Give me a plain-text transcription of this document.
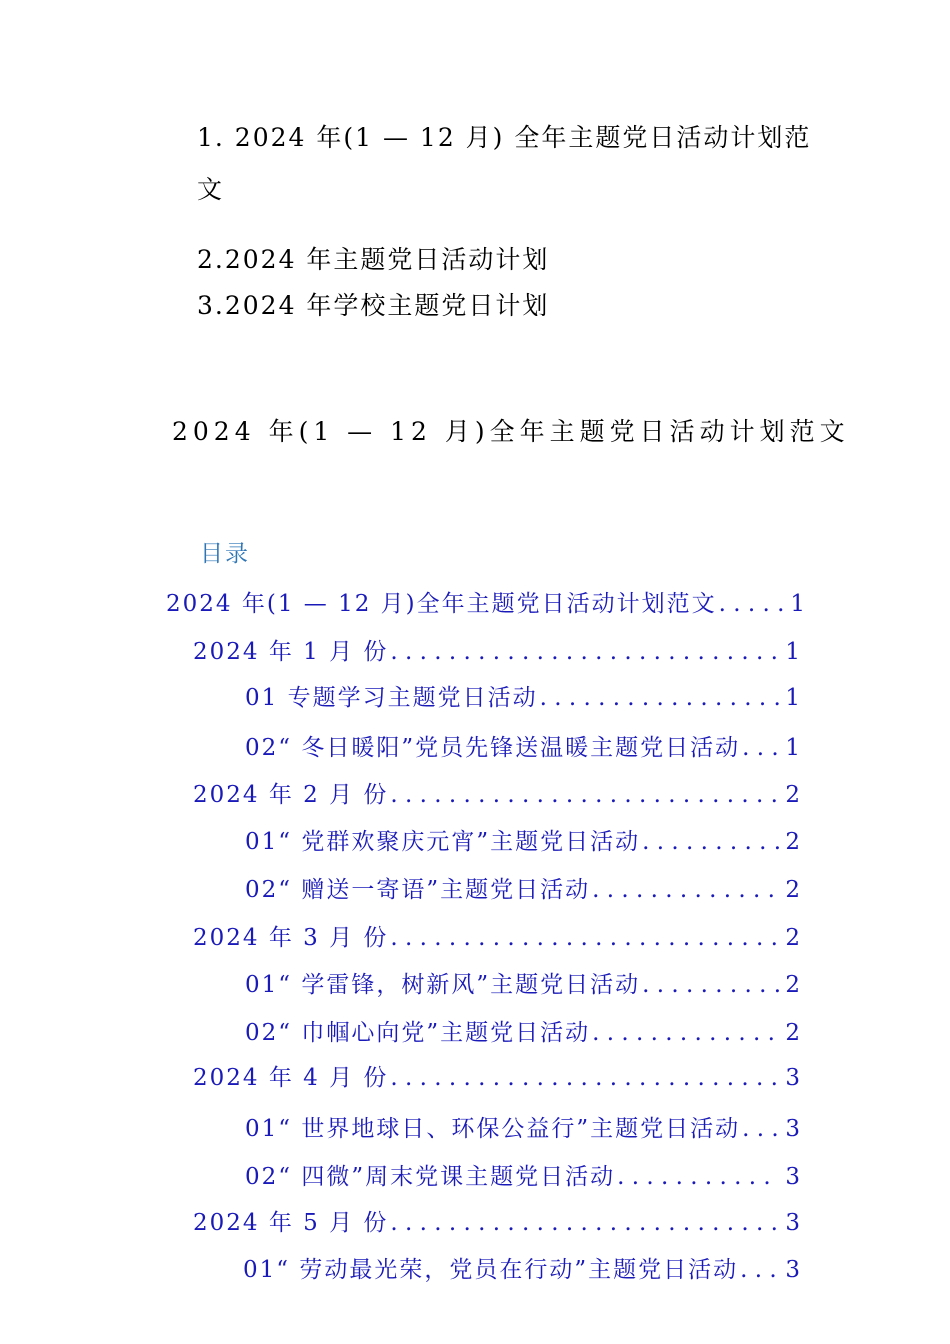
1. 2024 年(1 — 12 月) 全年主题党日活动计划范
文
2.2024 年主题党日活动计划
3.2024 年学校主题党日计划
2024 年(1 — 12 月)全年主题党日活动计划范文
目录
2024 年(1 — 12 月)全年主题党日活动计划范文 . . .	1
2024 年 1 月 份 . . .	1
01 专题学习主题党日活动 . . .	1
02“ 冬日暖阳”党员先锋送温暖主题党日活动 . . . 1
2024 年 2 月 份 . . .	2
01“ 党群欢聚庆元宵”主题党日活动 . . .	2
02“ 赠送一寄语”主题党日活动 . . .	2
2024 年 3 月 份 . . .	2
01“ 学雷锋，树新风”主题党日活动 . . .	2
02“ 巾帼心向党”主题党日活动 . . .	2
2024 年 4 月 份 . . .	3
01“ 世界地球日、环保公益行”主题党日活动 . . . 3
02“ 四微”周末党课主题党日活动 . . .	3
2024 年 5 月 份 . . .	3
01“ 劳动最光荣，党员在行动”主题党日活动 . . . 3
